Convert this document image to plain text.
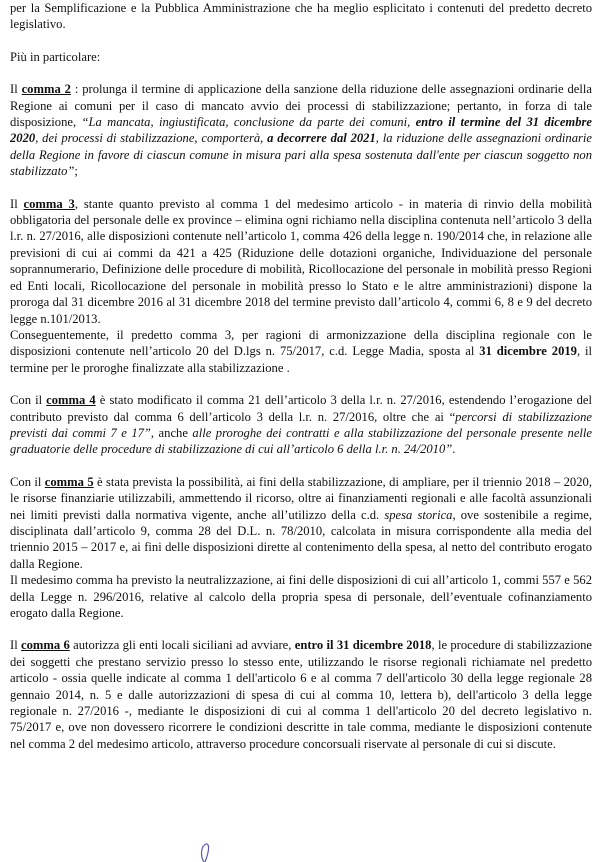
per la Semplificazione e la Pubblica Amministrazione che ha meglio esplicitato i contenuti del predetto decreto legislativo.

Più in particolare:

Il comma 2 : prolunga il termine di applicazione della sanzione della riduzione delle assegnazioni ordinarie della Regione ai comuni per il caso di mancato avvio dei processi di stabilizzazione; pertanto, in forza di tale disposizione, “La mancata, ingiustificata, conclusione da parte dei comuni, entro il termine del 31 dicembre 2020, dei processi di stabilizzazione, comporterà, a decorrere dal 2021, la riduzione delle assegnazioni ordinarie della Regione in favore di ciascun comune in misura pari alla spesa sostenuta dall'ente per ciascun soggetto non stabilizzato”;

Il comma 3, stante quanto previsto al comma 1 del medesimo articolo - in materia di rinvio della mobilità obbligatoria del personale delle ex province – elimina ogni richiamo nella disciplina contenuta nell’articolo 3 della l.r. n. 27/2016, alle disposizioni contenute nell’articolo 1, comma 426 della legge n. 190/2014 che, in relazione alle previsioni di cui ai commi da 421 a 425 (Riduzione delle dotazioni organiche, Individuazione del personale soprannumerario, Definizione delle procedure di mobilità, Ricollocazione del personale in mobilità presso Regioni ed Enti locali, Ricollocazione del personale in mobilità presso lo Stato e le altre amministrazioni) dispone la proroga dal 31 dicembre 2016 al 31 dicembre 2018 del termine previsto dall’articolo 4, commi 6, 8 e 9 del decreto legge n.101/2013.

Conseguentemente, il predetto comma 3, per ragioni di armonizzazione della disciplina regionale con le disposizioni contenute nell’articolo 20 del D.lgs n. 75/2017, c.d. Legge Madia, sposta al 31 dicembre 2019, il termine per le proroghe finalizzate alla stabilizzazione .

Con il comma 4 è stato modificato il comma 21 dell’articolo 3 della l.r. n. 27/2016, estendendo l’erogazione del contributo previsto dal comma 6 dell’articolo 3 della l.r. n. 27/2016, oltre che ai “percorsi di stabilizzazione previsti dai commi 7 e 17”, anche alle proroghe dei contratti e alla stabilizzazione del personale presente nelle graduatorie delle procedure di stabilizzazione di cui all’articolo 6 della l.r. n. 24/2010”.

Con il comma 5 è stata prevista la possibilità, ai fini della stabilizzazione, di ampliare, per il triennio 2018 – 2020, le risorse finanziarie utilizzabili, ammettendo il ricorso, oltre ai finanziamenti regionali e alle facoltà assunzionali nei limiti previsti dalla normativa vigente, anche all’utilizzo della c.d. spesa storica, ove sostenibile a regime, disciplinata dall’articolo 9, comma 28 del D.L. n. 78/2010, calcolata in misura corrispondente alla media del triennio 2015 – 2017 e, ai fini delle disposizioni dirette al contenimento della spesa, al netto del contributo erogato dalla Regione.

Il medesimo comma ha previsto la neutralizzazione, ai fini delle disposizioni di cui all’articolo 1, commi 557 e 562 della Legge n. 296/2016, relative al calcolo della propria spesa di personale, dell’eventuale cofinanziamento erogato dalla Regione.

Il comma 6 autorizza gli enti locali siciliani ad avviare, entro il 31 dicembre 2018, le procedure di stabilizzazione dei soggetti che prestano servizio presso lo stesso ente, utilizzando le risorse regionali richiamate nel predetto articolo - ossia quelle indicate al comma 1 dell'articolo 6 e al comma 7 dell'articolo 30 della legge regionale 28 gennaio 2014, n. 5 e dalle autorizzazioni di spesa di cui al comma 10, lettera b), dell'articolo 3 della legge regionale n. 27/2016 -, mediante le disposizioni di cui al comma 1 dell'articolo 20 del decreto legislativo n. 75/2017 e, ove non dovessero ricorrere le condizioni descritte in tale comma, mediante le disposizioni contenute nel comma 2 del medesimo articolo, attraverso procedure concorsuali riservate al personale di cui si discute.
